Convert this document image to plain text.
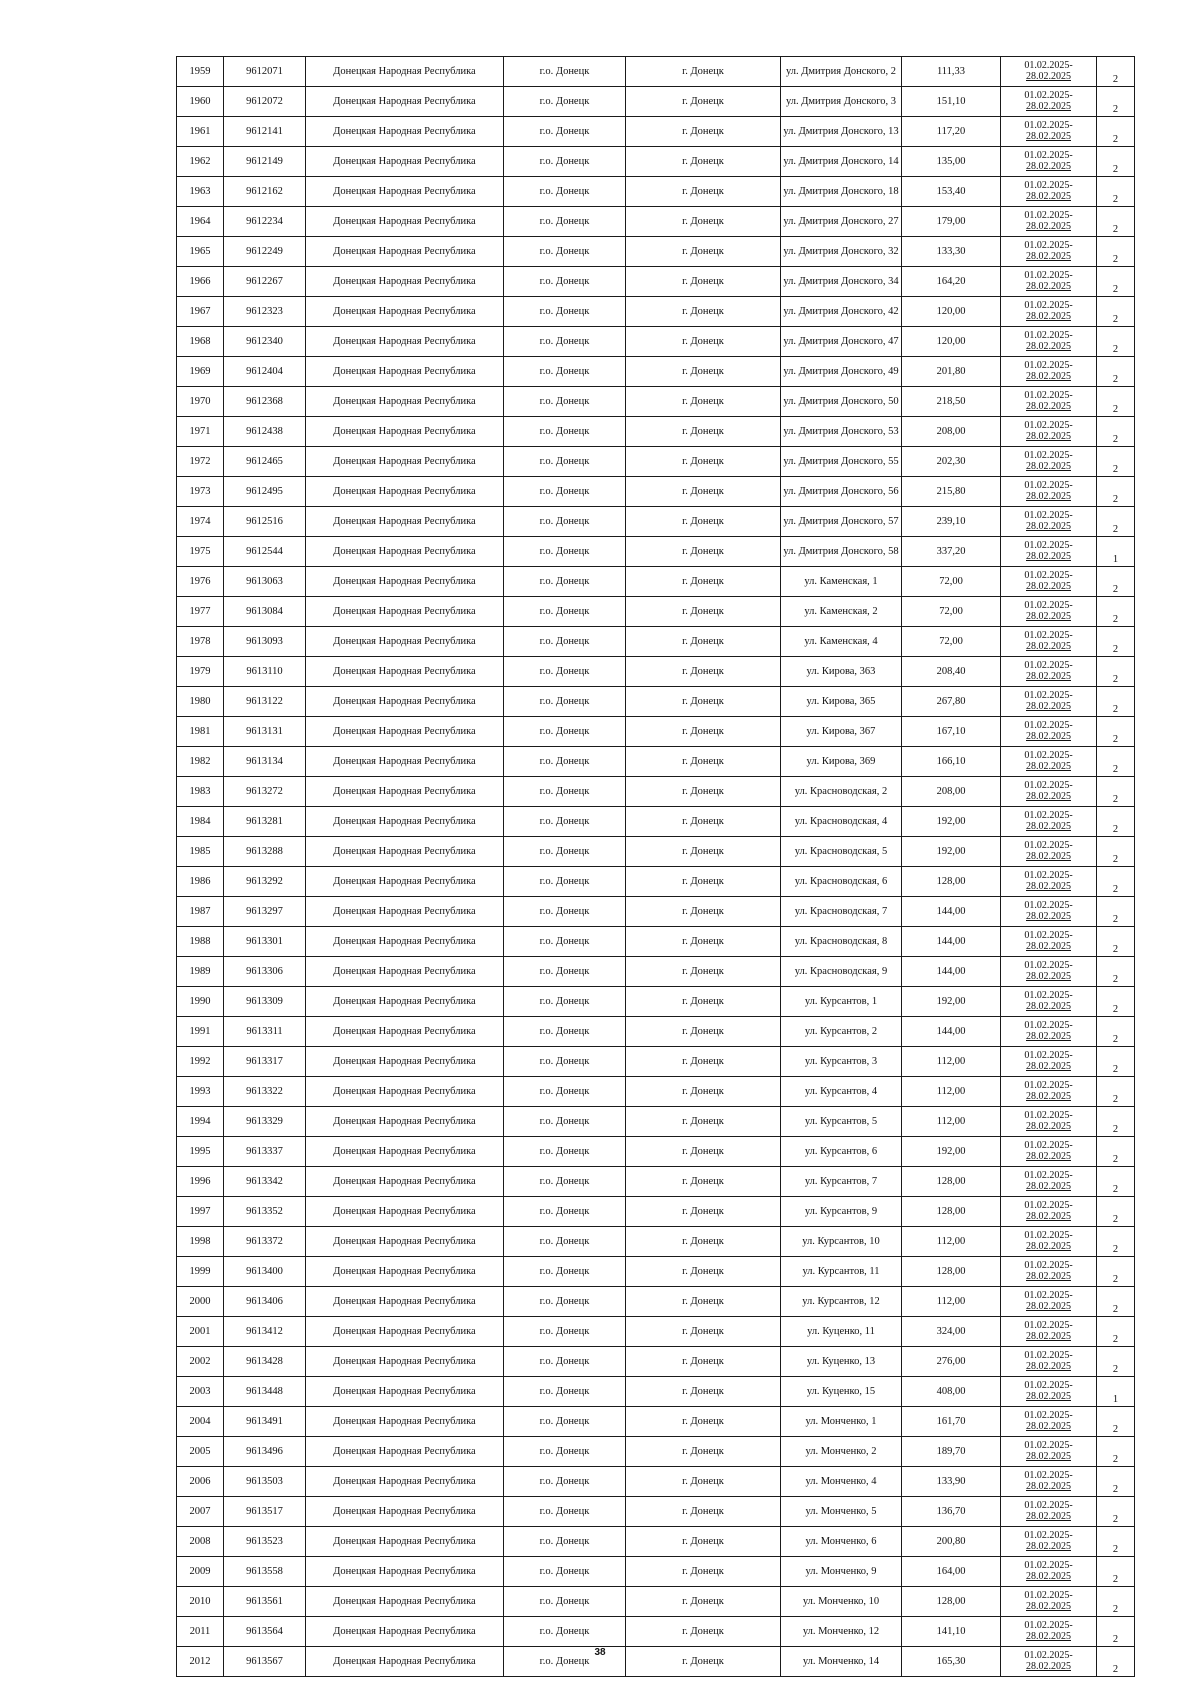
1959	9612071	Донецкая Народная Республика	г.о. Донецк	г. Донецк	ул. Дмитрия Донского, 2	111,33	01.02.2025-
28.02.2025	2
1960	9612072	Донецкая Народная Республика	г.о. Донецк	г. Донецк	ул. Дмитрия Донского, 3	151,10	01.02.2025-
28.02.2025	2
1961	9612141	Донецкая Народная Республика	г.о. Донецк	г. Донецк	ул. Дмитрия Донского, 13	117,20	01.02.2025-
28.02.2025	2
1962	9612149	Донецкая Народная Республика	г.о. Донецк	г. Донецк	ул. Дмитрия Донского, 14	135,00	01.02.2025-
28.02.2025	2
1963	9612162	Донецкая Народная Республика	г.о. Донецк	г. Донецк	ул. Дмитрия Донского, 18	153,40	01.02.2025-
28.02.2025	2
1964	9612234	Донецкая Народная Республика	г.о. Донецк	г. Донецк	ул. Дмитрия Донского, 27	179,00	01.02.2025-
28.02.2025	2
1965	9612249	Донецкая Народная Республика	г.о. Донецк	г. Донецк	ул. Дмитрия Донского, 32	133,30	01.02.2025-
28.02.2025	2
1966	9612267	Донецкая Народная Республика	г.о. Донецк	г. Донецк	ул. Дмитрия Донского, 34	164,20	01.02.2025-
28.02.2025	2
1967	9612323	Донецкая Народная Республика	г.о. Донецк	г. Донецк	ул. Дмитрия Донского, 42	120,00	01.02.2025-
28.02.2025	2
1968	9612340	Донецкая Народная Республика	г.о. Донецк	г. Донецк	ул. Дмитрия Донского, 47	120,00	01.02.2025-
28.02.2025	2
1969	9612404	Донецкая Народная Республика	г.о. Донецк	г. Донецк	ул. Дмитрия Донского, 49	201,80	01.02.2025-
28.02.2025	2
1970	9612368	Донецкая Народная Республика	г.о. Донецк	г. Донецк	ул. Дмитрия Донского, 50	218,50	01.02.2025-
28.02.2025	2
1971	9612438	Донецкая Народная Республика	г.о. Донецк	г. Донецк	ул. Дмитрия Донского, 53	208,00	01.02.2025-
28.02.2025	2
1972	9612465	Донецкая Народная Республика	г.о. Донецк	г. Донецк	ул. Дмитрия Донского, 55	202,30	01.02.2025-
28.02.2025	2
1973	9612495	Донецкая Народная Республика	г.о. Донецк	г. Донецк	ул. Дмитрия Донского, 56	215,80	01.02.2025-
28.02.2025	2
1974	9612516	Донецкая Народная Республика	г.о. Донецк	г. Донецк	ул. Дмитрия Донского, 57	239,10	01.02.2025-
28.02.2025	2
1975	9612544	Донецкая Народная Республика	г.о. Донецк	г. Донецк	ул. Дмитрия Донского, 58	337,20	01.02.2025-
28.02.2025	1
1976	9613063	Донецкая Народная Республика	г.о. Донецк	г. Донецк	ул. Каменская, 1	72,00	01.02.2025-
28.02.2025	2
1977	9613084	Донецкая Народная Республика	г.о. Донецк	г. Донецк	ул. Каменская, 2	72,00	01.02.2025-
28.02.2025	2
1978	9613093	Донецкая Народная Республика	г.о. Донецк	г. Донецк	ул. Каменская, 4	72,00	01.02.2025-
28.02.2025	2
1979	9613110	Донецкая Народная Республика	г.о. Донецк	г. Донецк	ул. Кирова, 363	208,40	01.02.2025-
28.02.2025	2
1980	9613122	Донецкая Народная Республика	г.о. Донецк	г. Донецк	ул. Кирова, 365	267,80	01.02.2025-
28.02.2025	2
1981	9613131	Донецкая Народная Республика	г.о. Донецк	г. Донецк	ул. Кирова, 367	167,10	01.02.2025-
28.02.2025	2
1982	9613134	Донецкая Народная Республика	г.о. Донецк	г. Донецк	ул. Кирова, 369	166,10	01.02.2025-
28.02.2025	2
1983	9613272	Донецкая Народная Республика	г.о. Донецк	г. Донецк	ул. Красноводская, 2	208,00	01.02.2025-
28.02.2025	2
1984	9613281	Донецкая Народная Республика	г.о. Донецк	г. Донецк	ул. Красноводская, 4	192,00	01.02.2025-
28.02.2025	2
1985	9613288	Донецкая Народная Республика	г.о. Донецк	г. Донецк	ул. Красноводская, 5	192,00	01.02.2025-
28.02.2025	2
1986	9613292	Донецкая Народная Республика	г.о. Донецк	г. Донецк	ул. Красноводская, 6	128,00	01.02.2025-
28.02.2025	2
1987	9613297	Донецкая Народная Республика	г.о. Донецк	г. Донецк	ул. Красноводская, 7	144,00	01.02.2025-
28.02.2025	2
1988	9613301	Донецкая Народная Республика	г.о. Донецк	г. Донецк	ул. Красноводская, 8	144,00	01.02.2025-
28.02.2025	2
1989	9613306	Донецкая Народная Республика	г.о. Донецк	г. Донецк	ул. Красноводская, 9	144,00	01.02.2025-
28.02.2025	2
1990	9613309	Донецкая Народная Республика	г.о. Донецк	г. Донецк	ул. Курсантов, 1	192,00	01.02.2025-
28.02.2025	2
1991	9613311	Донецкая Народная Республика	г.о. Донецк	г. Донецк	ул. Курсантов, 2	144,00	01.02.2025-
28.02.2025	2
1992	9613317	Донецкая Народная Республика	г.о. Донецк	г. Донецк	ул. Курсантов, 3	112,00	01.02.2025-
28.02.2025	2
1993	9613322	Донецкая Народная Республика	г.о. Донецк	г. Донецк	ул. Курсантов, 4	112,00	01.02.2025-
28.02.2025	2
1994	9613329	Донецкая Народная Республика	г.о. Донецк	г. Донецк	ул. Курсантов, 5	112,00	01.02.2025-
28.02.2025	2
1995	9613337	Донецкая Народная Республика	г.о. Донецк	г. Донецк	ул. Курсантов, 6	192,00	01.02.2025-
28.02.2025	2
1996	9613342	Донецкая Народная Республика	г.о. Донецк	г. Донецк	ул. Курсантов, 7	128,00	01.02.2025-
28.02.2025	2
1997	9613352	Донецкая Народная Республика	г.о. Донецк	г. Донецк	ул. Курсантов, 9	128,00	01.02.2025-
28.02.2025	2
1998	9613372	Донецкая Народная Республика	г.о. Донецк	г. Донецк	ул. Курсантов, 10	112,00	01.02.2025-
28.02.2025	2
1999	9613400	Донецкая Народная Республика	г.о. Донецк	г. Донецк	ул. Курсантов, 11	128,00	01.02.2025-
28.02.2025	2
2000	9613406	Донецкая Народная Республика	г.о. Донецк	г. Донецк	ул. Курсантов, 12	112,00	01.02.2025-
28.02.2025	2
2001	9613412	Донецкая Народная Республика	г.о. Донецк	г. Донецк	ул. Куценко, 11	324,00	01.02.2025-
28.02.2025	2
2002	9613428	Донецкая Народная Республика	г.о. Донецк	г. Донецк	ул. Куценко, 13	276,00	01.02.2025-
28.02.2025	2
2003	9613448	Донецкая Народная Республика	г.о. Донецк	г. Донецк	ул. Куценко, 15	408,00	01.02.2025-
28.02.2025	1
2004	9613491	Донецкая Народная Республика	г.о. Донецк	г. Донецк	ул. Монченко, 1	161,70	01.02.2025-
28.02.2025	2
2005	9613496	Донецкая Народная Республика	г.о. Донецк	г. Донецк	ул. Монченко, 2	189,70	01.02.2025-
28.02.2025	2
2006	9613503	Донецкая Народная Республика	г.о. Донецк	г. Донецк	ул. Монченко, 4	133,90	01.02.2025-
28.02.2025	2
2007	9613517	Донецкая Народная Республика	г.о. Донецк	г. Донецк	ул. Монченко, 5	136,70	01.02.2025-
28.02.2025	2
2008	9613523	Донецкая Народная Республика	г.о. Донецк	г. Донецк	ул. Монченко, 6	200,80	01.02.2025-
28.02.2025	2
2009	9613558	Донецкая Народная Республика	г.о. Донецк	г. Донецк	ул. Монченко, 9	164,00	01.02.2025-
28.02.2025	2
2010	9613561	Донецкая Народная Республика	г.о. Донецк	г. Донецк	ул. Монченко, 10	128,00	01.02.2025-
28.02.2025	2
2011	9613564	Донецкая Народная Республика	г.о. Донецк	г. Донецк	ул. Монченко, 12	141,10	01.02.2025-
28.02.2025	2
2012	9613567	Донецкая Народная Республика	г.о. Донецк	г. Донецк	ул. Монченко, 14	165,30	01.02.2025-
28.02.2025	2
38
